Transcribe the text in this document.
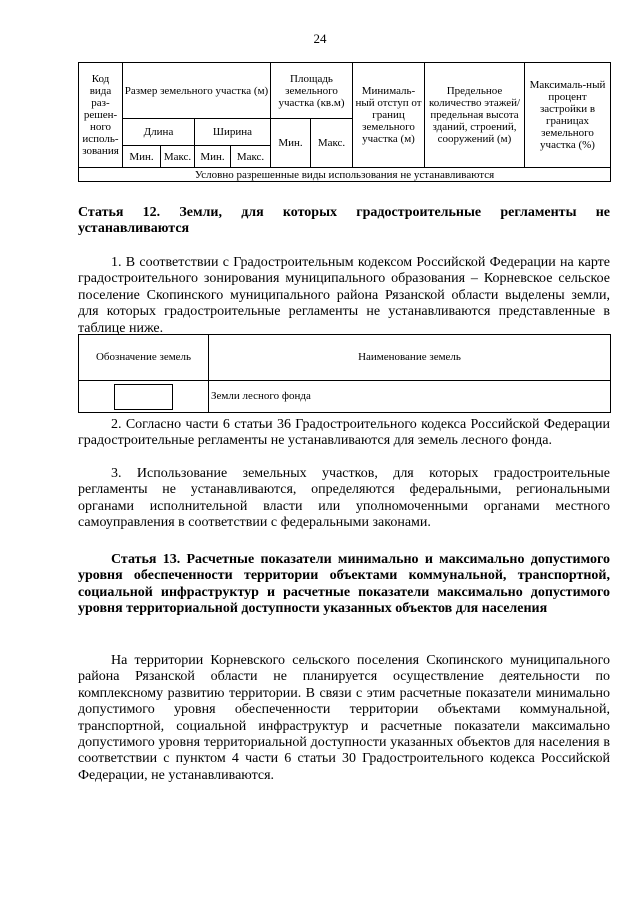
24
Код вида раз-решен-ного исполь-зования	Размер земельного участка (м)				Площадь земельного участка (кв.м)		Минималь-ный отступ от границ земельного участка (м)	Предельное количество этажей/ предельная высота зданий, строений, сооружений (м)	Максималь-ный процент застройки в границах земельного участка (%)
	Длина		Ширина		Мин.	Макс.			
	Мин.	Макс.	Мин.	Макс.					
Условно разрешенные виды использования не устанавливаются									
Статья 12. Земли, для которых градостроительные регламенты не устанавливаются
1. В соответствии с Градостроительным кодексом Российской Федерации на карте градостроительного зонирования муниципального образования – Корневское сельское поселение Скопинского муниципального района Рязанской области выделены земли, для которых градостроительные регламенты не устанавливаются представленные в таблице ниже.
Обозначение земель	Наименование земель

	Земли лесного фонда
2. Согласно части 6 статьи 36 Градостроительного кодекса Российской Федерации градостроительные регламенты не устанавливаются для земель лесного фонда.
3. Использование земельных участков, для которых градостроительные регламенты не устанавливаются, определяются федеральными, региональными органами исполнительной власти или уполномоченными органами местного самоуправления в соответствии с федеральными законами.
Статья 13. Расчетные показатели минимально и максимально допустимого уровня обеспеченности территории объектами коммунальной, транспортной, социальной инфраструктур и расчетные показатели максимально допустимого уровня территориальной доступности указанных объектов для населения
На территории Корневского сельского поселения Скопинского муниципального района Рязанской области не планируется осуществление деятельности по комплексному развитию территории. В связи с этим расчетные показатели минимально допустимого уровня обеспеченности территории объектами коммунальной, транспортной, социальной инфраструктур и расчетные показатели максимально допустимого уровня территориальной доступности указанных объектов для населения в соответствии с пунктом 4 части 6 статьи 30 Градостроительного кодекса Российской Федерации, не устанавливаются.
